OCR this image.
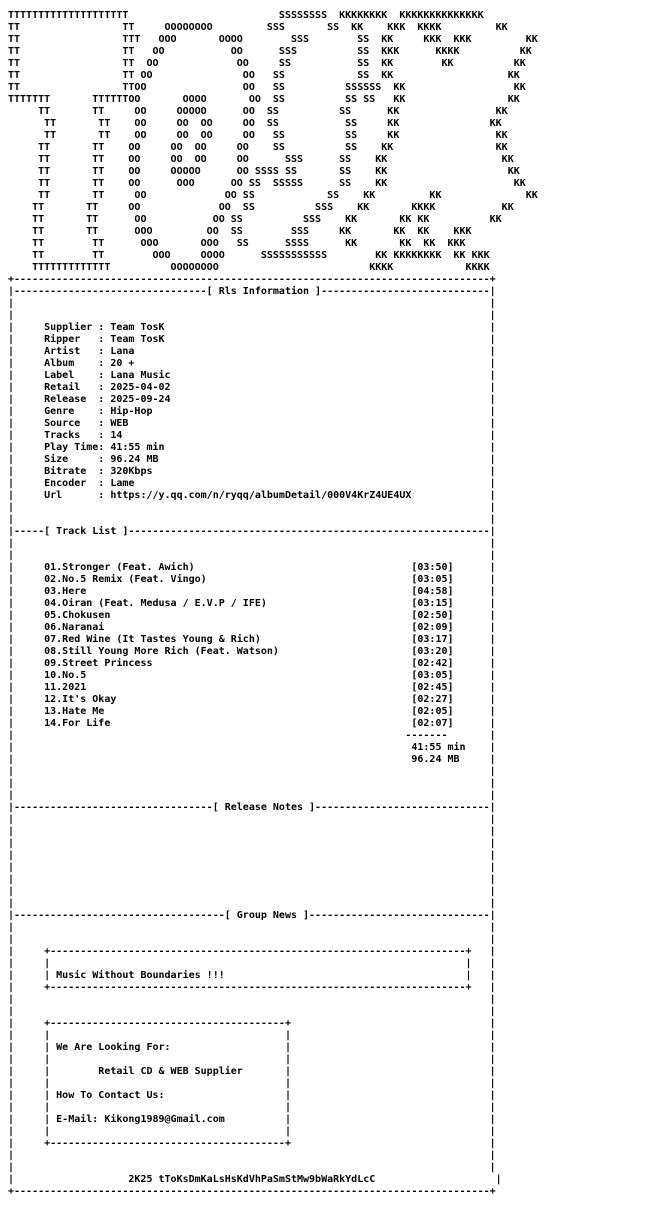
TTTTTTTTTTTTTTTTTTTT                         SSSSSSSS  KKKKKKKK  KKKKKKKKKKKKKK
TT                 TT     OOOOOOOO         SSS       SS  KK    KKK  KKKK         KK
TT                 TTT   OOO       OOOO        SSS        SS  KK     KKK  KKK         KK
TT                 TT   OO           OO      SSS          SS  KKK      KKKK          KK
TT                 TT  OO             OO     SS           SS  KK        KK          KK
TT                 TT OO               OO   SS            SS  KK                   KK
TT                 TTOO                OO   SS          SSSSSS  KK                  KK
TTTTTTT       TTTTTTOO       OOOO       OO  SS          SS SS   KK                 KK
TT       TT     OO     OOOOO      OO  SS          SS      KK                KK
TT       TT    OO     OO  OO     OO  SS           SS     KK               KK
TT       TT    OO     OO  OO     OO   SS          SS     KK                KK
TT       TT    OO     OO  OO     OO    SS          SS    KK                 KK
TT       TT    OO     OO  OO     OO      SSS      SS    KK                   KK
TT       TT    OO     OOOOO      OO SSSS SS       SS    KK                    KK
TT       TT    OO      OOO      OO SS  SSSSS      SS    KK                     KK
TT       TT     OO             OO SS            SS    KK         KK              KK
TT       TT     OO             OO  SS          SSS    KK       KKKK           KK
TT       TT      OO           OO SS          SSS    KK       KK KK          KK
TT       TT      OOO         OO  SS        SSS     KK       KK  KK    KKK
TT        TT      OOO       OOO   SS      SSSS      KK       KK  KK  KKK
TT        TT        OOO     OOOO      SSSSSSSSSSS        KK KKKKKKKK  KK KKK
TTTTTTTTTTTTT          OOOOOOOO                         KKKK            KKKK
+-------------------------------------------------------------------------------+
|--------------------------------[ Rls Information ]----------------------------|
|                                                                               |
|                                                                               |
|     Supplier : Team TosK                                                      |
|     Ripper   : Team TosK                                                      |
|     Artist   : Lana                                                           |
|     Album    : 20 +                                                           |
|     Label    : Lana Music                                                     |
|     Retail   : 2025-04-02                                                     |
|     Release  : 2025-09-24                                                     |
|     Genre    : Hip-Hop                                                        |
|     Source   : WEB                                                            |
|     Tracks   : 14                                                             |
|     Play Time: 41:55 min                                                      |
|     Size     : 96.24 MB                                                       |
|     Bitrate  : 320Kbps                                                        |
|     Encoder  : Lame                                                           |
|     Url      : https://y.qq.com/n/ryqq/albumDetail/000V4KrZ4UE4UX             |
|                                                                               |
|                                                                               |
|-----[ Track List ]------------------------------------------------------------|
|                                                                               |
|                                                                               |
|     01.Stronger (Feat. Awich)                                    [03:50]      |
|     02.No.5 Remix (Feat. Vingo)                                  [03:05]      |
|     03.Here                                                      [04:58]      |
|     04.Oiran (Feat. Medusa / E.V.P / IFE)                        [03:15]      |
|     05.Chokusen                                                  [02:50]      |
|     06.Naranai                                                   [02:09]      |
|     07.Red Wine (It Tastes Young & Rich)                         [03:17]      |
|     08.Still Young More Rich (Feat. Watson)                      [03:20]      |
|     09.Street Princess                                           [02:42]      |
|     10.No.5                                                      [03:05]      |
|     11.2021                                                      [02:45]      |
|     12.It's Okay                                                 [02:27]      |
|     13.Hate Me                                                   [02:05]      |
|     14.For Life                                                  [02:07]      |
|                                                                 -------       |
|                                                                  41:55 min    |
|                                                                  96.24 MB     |
|                                                                               |
|                                                                               |
|                                                                               |
|---------------------------------[ Release Notes ]-----------------------------|
|                                                                               |
|                                                                               |
|                                                                               |
|                                                                               |
|                                                                               |
|                                                                               |
|                                                                               |
|                                                                               |
|-----------------------------------[ Group News ]------------------------------|
|                                                                               |
|                                                                               |
|     +---------------------------------------------------------------------+   |
|     |                                                                     |   |
|     | Music Without Boundaries !!!                                        |   |
|     +---------------------------------------------------------------------+   |
|                                                                               |
|                                                                               |
|     +---------------------------------------+                                 |
|     |                                       |                                 |
|     | We Are Looking For:                   |                                 |
|     |                                       |                                 |
|     |        Retail CD & WEB Supplier       |                                 |
|     |                                       |                                 |
|     | How To Contact Us:                    |                                 |
|     |                                       |                                 |
|     | E-Mail: Kikong1989@Gmail.com          |                                 |
|     |                                       |                                 |
|     +---------------------------------------+                                 |
|                                                                               |
|                                                                               |
|                   2K25 tToKsDmKaLsHsKdVhPaSmStMw9bWaRkYdLcC                    |
+-------------------------------------------------------------------------------+
